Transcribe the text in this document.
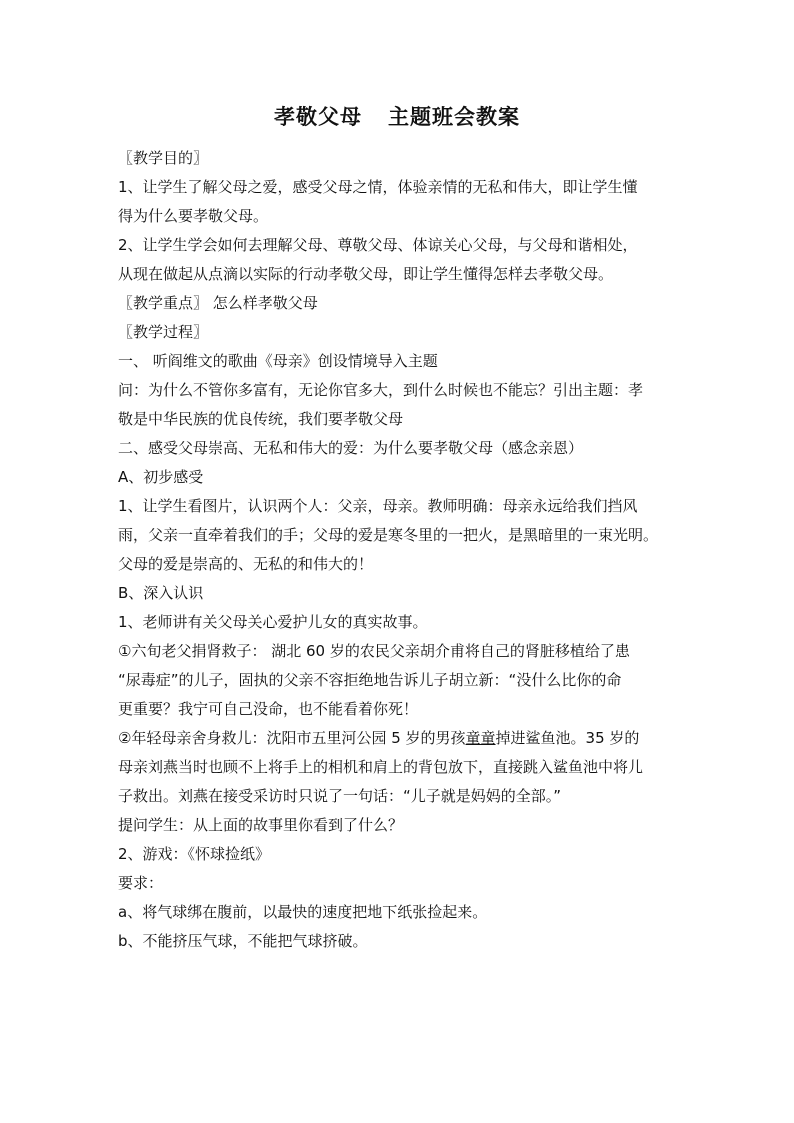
孝敬父母 主题班会教案

〖教学目的〗

1、让学生了解父母之爱，感受父母之情，体验亲情的无私和伟大，即让学生懂

得为什么要孝敬父母。

2、让学生学会如何去理解父母、尊敬父母、体谅关心父母，与父母和谐相处，

从现在做起从点滴以实际的行动孝敬父母，即让学生懂得怎样去孝敬父母。

〖教学重点〗 怎么样孝敬父母

〖教学过程〗

一、 听阎维文的歌曲《母亲》创设情境导入主题

问：为什么不管你多富有，无论你官多大，到什么时候也不能忘？引出主题：孝

敬是中华民族的优良传统，我们要孝敬父母

二、感受父母崇高、无私和伟大的爱：为什么要孝敬父母（感念亲恩）

A、初步感受

1、让学生看图片，认识两个人：父亲，母亲。教师明确：母亲永远给我们挡风

雨，父亲一直牵着我们的手；父母的爱是寒冬里的一把火，是黑暗里的一束光明。

父母的爱是崇高的、无私的和伟大的！

B、深入认识

1、老师讲有关父母关心爱护儿女的真实故事。

①六旬老父捐肾救子： 湖北 60 岁的农民父亲胡介甫将自己的肾脏移植给了患

“尿毒症”的儿子，固执的父亲不容拒绝地告诉儿子胡立新：“没什么比你的命

更重要？我宁可自己没命，也不能看着你死！

②年轻母亲舍身救儿：沈阳市五里河公园 5 岁的男孩童童掉进鲨鱼池。35 岁的

母亲刘燕当时也顾不上将手上的相机和肩上的背包放下，直接跳入鲨鱼池中将儿

子救出。刘燕在接受采访时只说了一句话：“儿子就是妈妈的全部。”

提问学生：从上面的故事里你看到了什么？

2、游戏：《怀球捡纸》

要求：

a、将气球绑在腹前，以最快的速度把地下纸张捡起来。

b、不能挤压气球，不能把气球挤破。
